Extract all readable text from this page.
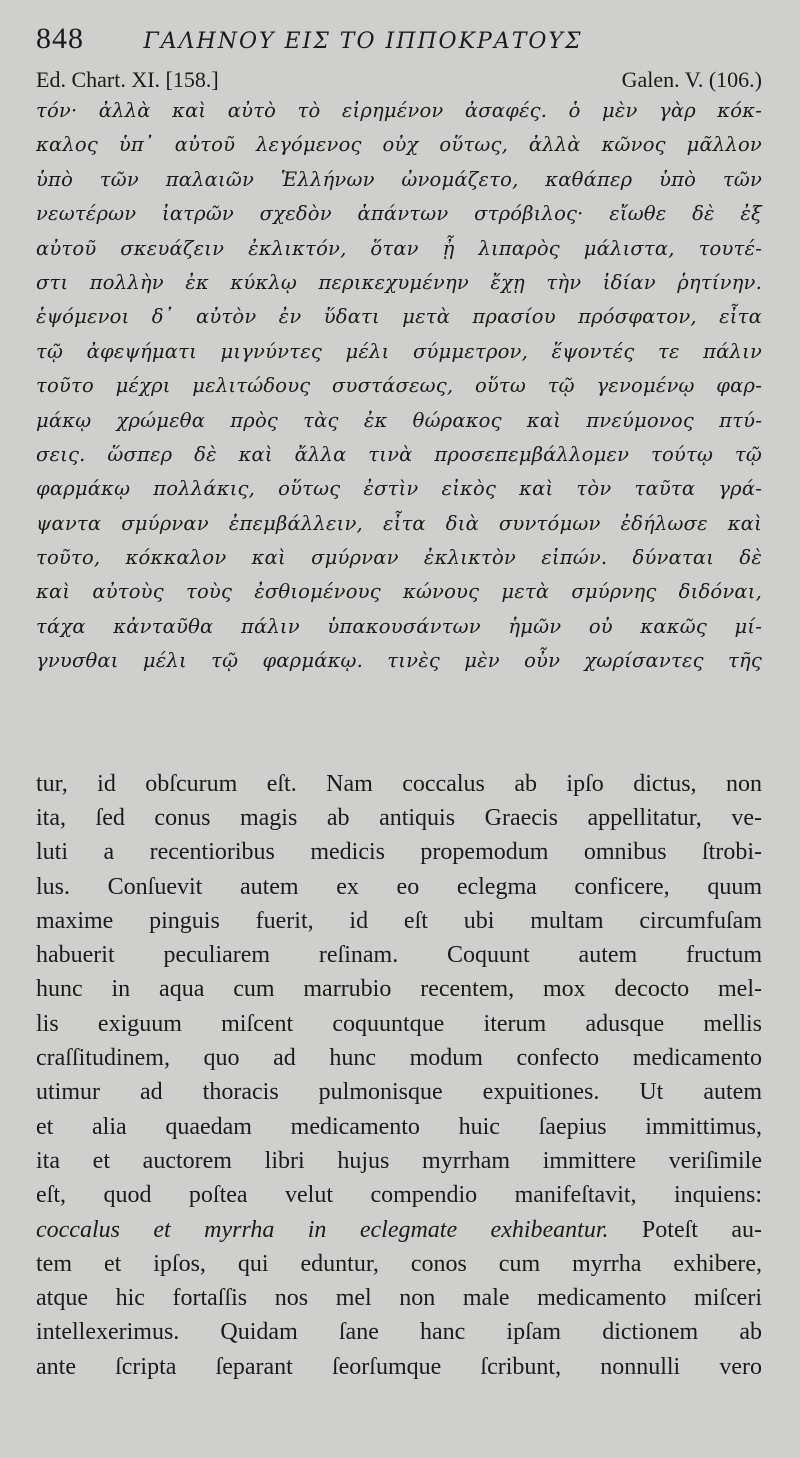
848	ΓΑΛΗΝΟΥ ΕΙΣ ΤΟ ΙΠΠΟΚΡΑΤΟΥΣ
Ed. Chart. XI. [158.]	Galen. V. (106.)
τόν· ἀλλὰ καὶ αὐτὸ τὸ εἰρημένον ἀσαφές. ὁ μὲν γὰρ κόκ-
καλος ὑπ᾽ αὐτοῦ λεγόμενος οὐχ οὕτως, ἀλλὰ κῶνος μᾶλλον
ὑπὸ τῶν παλαιῶν Ἑλλήνων ὠνομάζετο, καθάπερ ὑπὸ τῶν
νεωτέρων ἰατρῶν σχεδὸν ἁπάντων στρόβιλος· εἴωθε δὲ ἐξ
αὐτοῦ σκευάζειν ἐκλικτόν, ὅταν ᾖ λιπαρὸς μάλιστα, τουτέ-
στι πολλὴν ἐκ κύκλῳ περικεχυμένην ἔχῃ τὴν ἰδίαν ῥητίνην.
ἑψόμενοι δ᾽ αὐτὸν ἐν ὕδατι μετὰ πρασίου πρόσφατον, εἶτα
τῷ ἀφεψήματι μιγνύντες μέλι σύμμετρον, ἕψοντές τε πάλιν
τοῦτο μέχρι μελιτώδους συστάσεως, οὕτω τῷ γενομένῳ φαρ-
μάκῳ χρώμεθα πρὸς τὰς ἐκ θώρακος καὶ πνεύμονος πτύ-
σεις. ὥσπερ δὲ καὶ ἄλλα τινὰ προσεπεμβάλλομεν τούτῳ τῷ
φαρμάκῳ πολλάκις, οὕτως ἐστὶν εἰκὸς καὶ τὸν ταῦτα γρά-
ψαντα σμύρναν ἐπεμβάλλειν, εἶτα διὰ συντόμων ἐδήλωσε καὶ
τοῦτο, κόκκαλον καὶ σμύρναν ἐκλικτὸν εἰπών. δύναται δὲ
καὶ αὐτοὺς τοὺς ἐσθιομένους κώνους μετὰ σμύρνης διδόναι,
τάχα κἀνταῦθα πάλιν ὑπακουσάντων ἡμῶν οὐ κακῶς μί-
γνυσθαι μέλι τῷ φαρμάκῳ. τινὲς μὲν οὖν χωρίσαντες τῆς
tur, id obſcurum eſt. Nam coccalus ab ipſo dictus, non
ita, ſed conus magis ab antiquis Graecis appellitatur, ve-
luti a recentioribus medicis propemodum omnibus ſtrobi-
lus. Conſuevit autem ex eo eclegma conficere, quum
maxime pinguis fuerit, id eſt ubi multam circumfuſam
habuerit peculiarem reſinam. Coquunt autem fructum
hunc in aqua cum marrubio recentem, mox decocto mel-
lis exiguum miſcent coquuntque iterum adusque mellis
craſſitudinem, quo ad hunc modum confecto medicamento
utimur ad thoracis pulmonisque expuitiones. Ut autem
et alia quaedam medicamento huic ſaepius immittimus,
ita et auctorem libri hujus myrrham immittere veriſimile
eſt, quod poſtea velut compendio manifeſtavit, inquiens:
coccalus et myrrha in eclegmate exhibeantur. Poteſt au-
tem et ipſos, qui eduntur, conos cum myrrha exhibere,
atque hic fortaſſis nos mel non male medicamento miſceri
intellexerimus. Quidam ſane hanc ipſam dictionem ab
ante ſcripta ſeparant ſeorſumque ſcribunt, nonnulli vero
